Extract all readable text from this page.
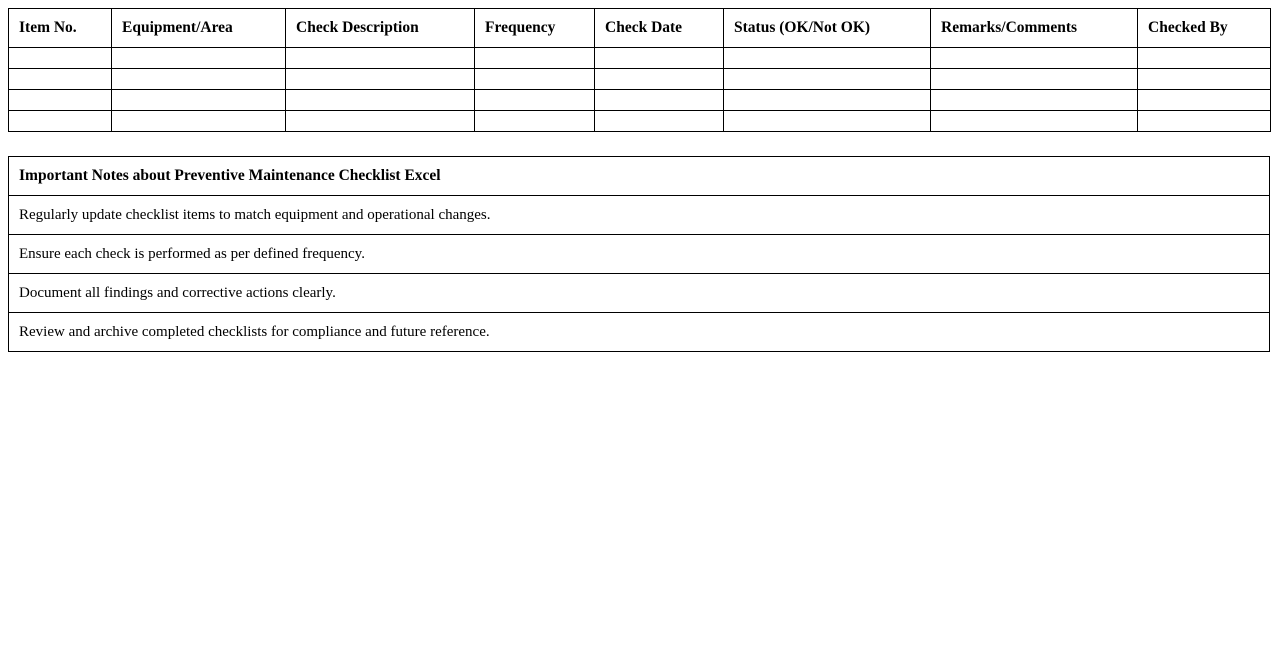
Item No.	Equipment/Area	Check Description	Frequency	Check Date	Status (OK/Not OK)	Remarks/Comments	Checked By

Important Notes about Preventive Maintenance Checklist Excel
Regularly update checklist items to match equipment and operational changes.
Ensure each check is performed as per defined frequency.
Document all findings and corrective actions clearly.
Review and archive completed checklists for compliance and future reference.
